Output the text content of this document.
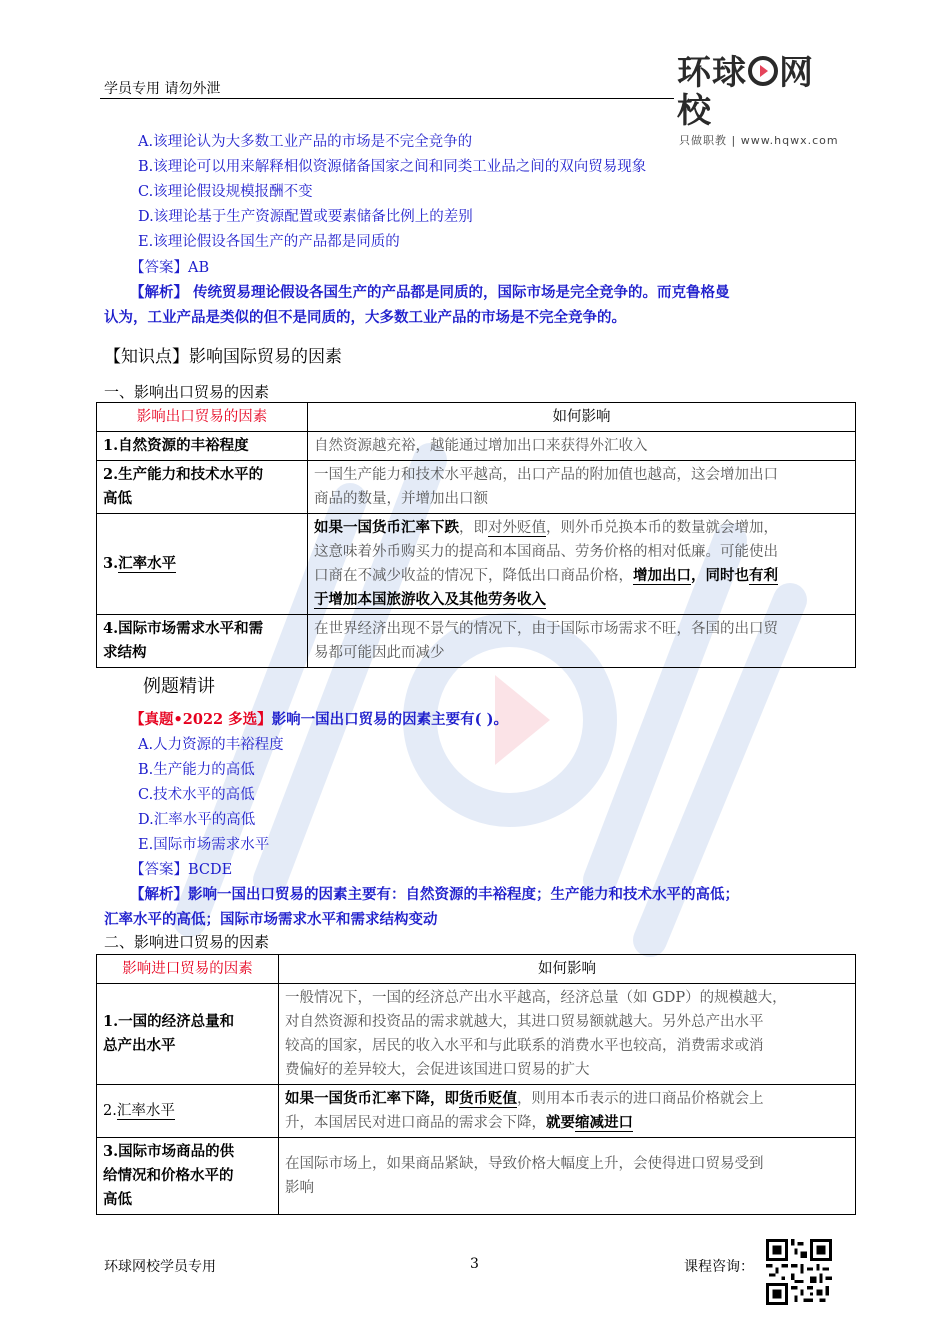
学员专用 请勿外泄	环球 网校
只做职教 | www.hqwx.com
A.该理论认为大多数工业产品的市场是不完全竞争的
B.该理论可以用来解释相似资源储备国家之间和同类工业品之间的双向贸易现象
C.该理论假设规模报酬不变
D.该理论基于生产资源配置或要素储备比例上的差别
E.该理论假设各国生产的产品都是同质的
【答案】AB
【解析】 传统贸易理论假设各国生产的产品都是同质的，国际市场是完全竞争的。而克鲁格曼
认为，工业产品是类似的但不是同质的，大多数工业产品的市场是不完全竞争的。
【知识点】影响国际贸易的因素
一、影响出口贸易的因素
影响出口贸易的因素	如何影响
1.自然资源的丰裕程度	自然资源越充裕，越能通过增加出口来获得外汇收入
2.生产能力和技术水平的
高低	一国生产能力和技术水平越高，出口产品的附加值也越高，这会增加出口
商品的数量，并增加出口额
3.汇率水平	如果一国货币汇率下跌，即对外贬值，则外币兑换本币的数量就会增加，
这意味着外币购买力的提高和本国商品、劳务价格的相对低廉。可能使出
口商在不减少收益的情况下，降低出口商品价格，增加出口，同时也有利
于增加本国旅游收入及其他劳务收入
4.国际市场需求水平和需
求结构	在世界经济出现不景气的情况下，由于国际市场需求不旺，各国的出口贸
易都可能因此而减少
例题精讲
【真题•2022 多选】影响一国出口贸易的因素主要有( )。
A.人力资源的丰裕程度
B.生产能力的高低
C.技术水平的高低
D.汇率水平的高低
E.国际市场需求水平
【答案】BCDE
【解析】影响一国出口贸易的因素主要有：自然资源的丰裕程度；生产能力和技术水平的高低；
汇率水平的高低；国际市场需求水平和需求结构变动
二、影响进口贸易的因素
影响进口贸易的因素	如何影响
1.一国的经济总量和
总产出水平	一般情况下，一国的经济总产出水平越高，经济总量（如 GDP）的规模越大，
对自然资源和投资品的需求就越大，其进口贸易额就越大。另外总产出水平
较高的国家，居民的收入水平和与此联系的消费水平也较高，消费需求或消
费偏好的差异较大，会促进该国进口贸易的扩大
2.汇率水平	如果一国货币汇率下降，即货币贬值，则用本币表示的进口商品价格就会上
升，本国居民对进口商品的需求会下降，就要缩减进口
3.国际市场商品的供
给情况和价格水平的
高低	在国际市场上，如果商品紧缺，导致价格大幅度上升，会使得进口贸易受到
影响
环球网校学员专用	3	课程咨询：
